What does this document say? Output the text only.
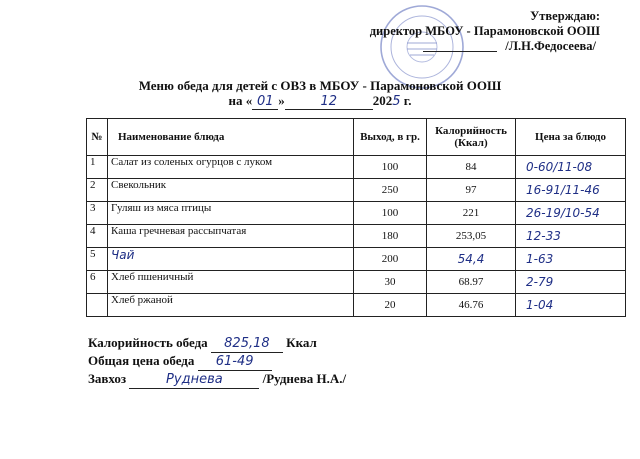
Утверждаю:
директор МБОУ - Парамоновской ООШ
/Л.Н.Федосеева/
Меню обеда для детей с ОВЗ в МБОУ - Парамоновской ООШ
на « 01 »	12	2025 г.
№	Наименование блюда	Выход, в гр.	Калорийность (Ккал)	Цена за блюдо
1	Салат из соленых огурцов с луком	100	84	0-60/11-08
2	Свекольник	250	97	16-91/11-46
3	Гуляш из мяса птицы	100	221	26-19/10-54
4	Каша гречневая рассыпчатая	180	253,05	12-33
5	Чай	200	54,4	1-63
6	Хлеб пшеничный	30	68.97	2-79
	Хлеб ржаной	20	46.76	1-04
Калорийность обеда 825,18 Ккал
Общая цена обеда 61-49
Завхоз	Руднева	/Руднева Н.А./
